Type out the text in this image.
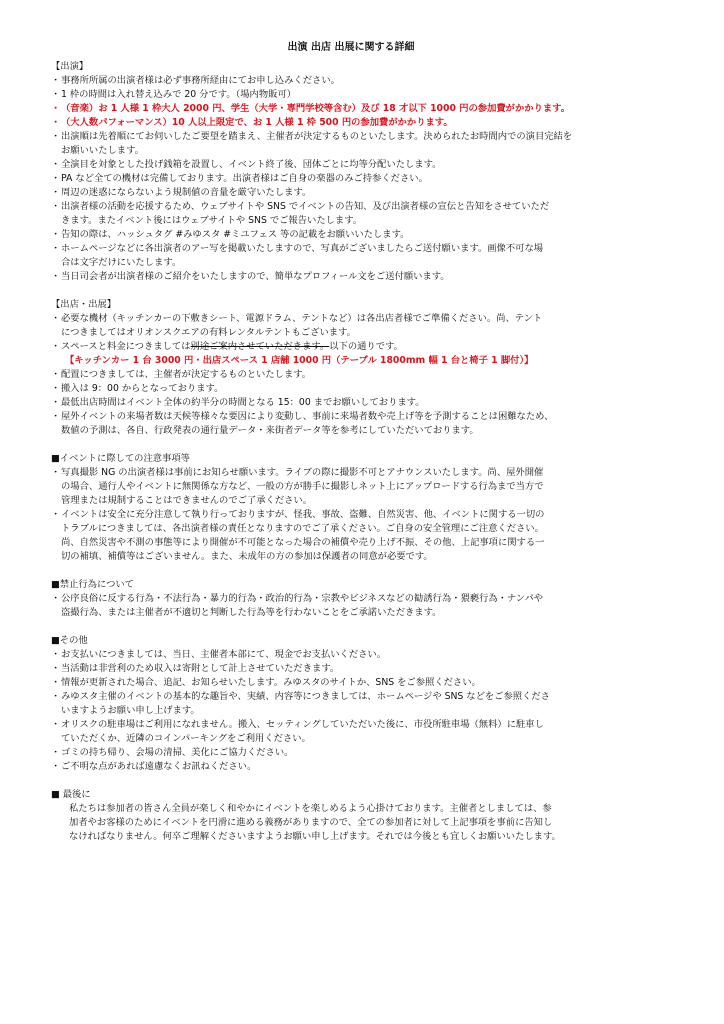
出演 出店 出展に関する詳細
【出演】
・ 事務所所属の出演者様は必ず事務所経由にてお申し込みください。
・ 1 枠の時間は入れ替え込みで 20 分です。（場内物販可）
・ （音楽）お 1 人様 1 枠大人 2000 円、学生（大学・専門学校等含む）及び 18 才以下 1000 円の参加費がかかります。
・ （大人数パフォーマンス）10 人以上限定で、お 1 人様 1 枠 500 円の参加費がかかります。
・ 出演順は先着順にてお伺いしたご要望を踏まえ、主催者が決定するものといたします。決められたお時間内での演目完結を
お願いいたします。
・ 全演目を対象とした投げ銭箱を設置し、イベント終了後、団体ごとに均等分配いたします。
・ PA など全ての機材は完備しております。出演者様はご自身の楽器のみご持参ください。
・ 周辺の迷惑にならないよう規制値の音量を厳守いたします。
・ 出演者様の活動を応援するため、ウェブサイトや SNS でイベントの告知、及び出演者様の宣伝と告知をさせていただ
きます。またイベント後にはウェブサイトや SNS でご報告いたします。
・ 告知の際は、ハッシュタグ #みゆスタ #ミユフェス 等の記載をお願いいたします。
・ ホームページなどに各出演者のアー写を掲載いたしますので、写真がございましたらご送付願います。画像不可な場
合は文字だけにいたします。
・ 当日司会者が出演者様のご紹介をいたしますので、簡単なプロフィール文をご送付願います。
【出店・出展】
・ 必要な機材（キッチンカーの下敷きシート、電源ドラム、テントなど）は各出店者様でご準備ください。尚、テント
につきましてはオリオンスクエアの有料レンタルテントもございます。
・ スペースと料金につきましては別途ご案内させていただきます。以下の通りです。
【キッチンカー 1 台 3000 円・出店スペース 1 店舗 1000 円（テーブル 1800mm 幅 1 台と椅子 1 脚付）】
・ 配置につきましては、主催者が決定するものといたします。
・ 搬入は 9：00 からとなっております。
・ 最低出店時間はイベント全体の約半分の時間となる 15：00 までお願いしております。
・ 屋外イベントの来場者数は天候等様々な要因により変動し、事前に来場者数や売上げ等を予測することは困難なため、
数値の予測は、各自、行政発表の通行量データ・来街者データ等を参考にしていただいております。
■イベントに際しての注意事項等
・ 写真撮影 NG の出演者様は事前にお知らせ願います。ライブの際に撮影不可とアナウンスいたします。尚、屋外開催
の場合、通行人やイベントに無関係な方など、一般の方が勝手に撮影しネット上にアップロードする行為まで当方で
管理または規制することはできませんのでご了承ください。
・ イベントは安全に充分注意して執り行っておりますが、怪我、事故、盗難、自然災害、他、イベントに関する一切の
トラブルにつきましては、各出演者様の責任となりますのでご了承ください。ご自身の安全管理にご注意ください。
尚、自然災害や不測の事態等により開催が不可能となった場合の補償や売り上げ不振、その他、上記事項に関する一
切の補填、補償等はございません。また、未成年の方の参加は保護者の同意が必要です。
■禁止行為について
・ 公序良俗に反する行為・不法行為・暴力的行為・政治的行為・宗教やビジネスなどの勧誘行為・猥褻行為・ナンパや
盗撮行為、または主催者が不適切と判断した行為等を行わないことをご承諾いただきます。
■その他
・ お支払いにつきましては、当日、主催者本部にて、現金でお支払いください。
・ 当活動は非営利のため収入は寄附として計上させていただきます。
・ 情報が更新された場合、追記、お知らせいたします。みゆスタのサイトか、SNS をご参照ください。
・ みゆスタ主催のイベントの基本的な趣旨や、実績、内容等につきましては、ホームページや SNS などをご参照くださ
いますようお願い申し上げます。
・ オリスクの駐車場はご利用になれません。搬入、セッティングしていただいた後に、市役所駐車場（無料）に駐車し
ていただくか、近隣のコインパーキングをご利用ください。
・ ゴミの持ち帰り、会場の清掃、美化にご協力ください。
・ ご不明な点があれば遠慮なくお訊ねください。
■ 最後に
私たちは参加者の皆さん全員が楽しく和やかにイベントを楽しめるよう心掛けております。主催者としましては、参
加者やお客様のためにイベントを円滑に進める義務がありますので、全ての参加者に対して上記事項を事前に告知し
なければなりません。何卒ご理解くださいますようお願い申し上げます。それでは今後とも宜しくお願いいたします。
